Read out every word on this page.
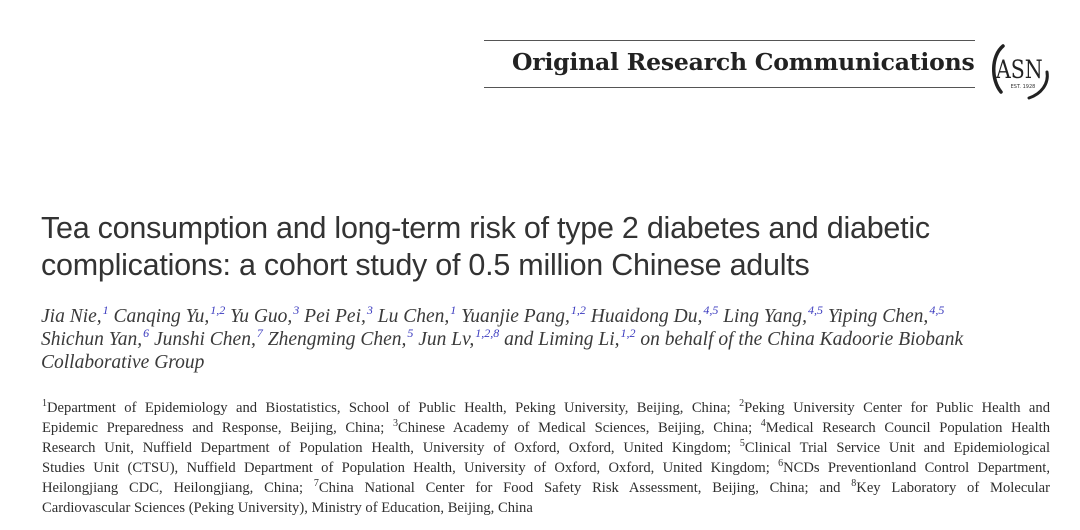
Original Research Communications ASN
EST. 1928
Tea consumption and long-term risk of type 2 diabetes and diabetic
complications: a cohort study of 0.5 million Chinese adults
Jia Nie,$^1$ Canqing Yu,$^{1,2}$ Yu Guo,$^3$ Pei Pei,$^3$ Lu Chen,$^1$ Yuanjie Pang,$^{1,2}$ Huaidong Du,$^{4,5}$ Ling Yang,$^{4,5}$ Yiping Chen,$^{4,5}$
Shichun Yan,$^6$ Junshi Chen,$^7$ Zhengming Chen,$^5$ Jun Lv,$^{1,2,8}$ and Liming Li,$^{1,2}$ on behalf of the China Kadoorie Biobank
Collaborative Group
$^1$Department of Epidemiology and Biostatistics, School of Public Health, Peking University, Beijing, China; $^2$Peking University Center for Public Health and
Epidemic Preparedness and Response, Beijing, China; $^3$Chinese Academy of Medical Sciences, Beijing, China; $^4$Medical Research Council Population Health
Research Unit, Nuffield Department of Population Health, University of Oxford, Oxford, United Kingdom; $^5$Clinical Trial Service Unit and Epidemiological
Studies Unit (CTSU), Nuffield Department of Population Health, University of Oxford, Oxford, United Kingdom; $^6$NCDs Preventionland Control Department,
Heilongjiang CDC, Heilongjiang, China; $^7$China National Center for Food Safety Risk Assessment, Beijing, China; and $^8$Key Laboratory of Molecular
Cardiovascular Sciences (Peking University), Ministry of Education, Beijing, China
